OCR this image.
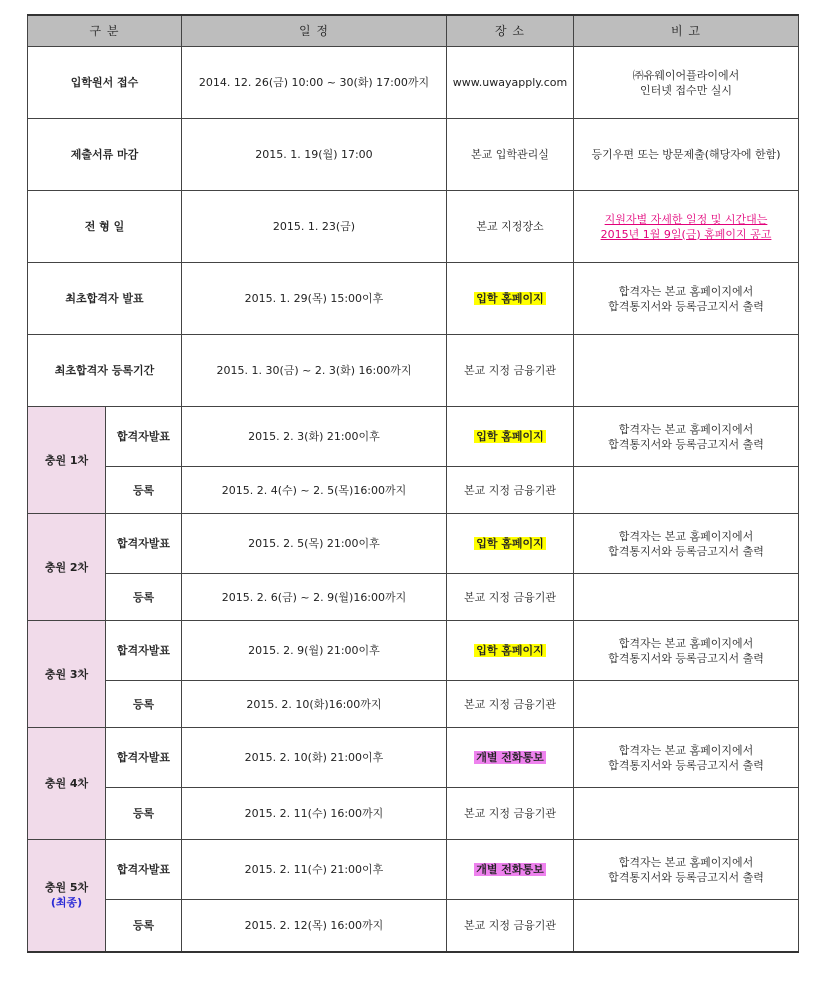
구 분		일 정	장 소	비 고
입학원서 접수		2014. 12. 26(금) 10:00 ~ 30(화) 17:00까지	www.uwayapply.com	㈜유웨이어플라이에서
인터넷 접수만 실시

제출서류 마감		2015. 1. 19(월) 17:00	본교 입학관리실	등기우편 또는 방문제출(해당자에 한함)

전 형 일		2015. 1. 23(금)	본교 지정장소	지원자별 자세한 일정 및 시간대는
2015년 1월 9일(금) 홈페이지 공고

최초합격자 발표		2015. 1. 29(목) 15:00이후	입학 홈페이지	합격자는 본교 홈페이지에서
합격통지서와 등록금고지서 출력

최초합격자 등록기간		2015. 1. 30(금) ~ 2. 3(화) 16:00까지	본교 지정 금융기관	
충원 1차	합격자발표	2015. 2. 3(화) 21:00이후	입학 홈페이지	합격자는 본교 홈페이지에서
합격통지서와 등록금고지서 출력

	등록	2015. 2. 4(수) ~ 2. 5(목)16:00까지	본교 지정 금융기관	
충원 2차	합격자발표	2015. 2. 5(목) 21:00이후	입학 홈페이지	합격자는 본교 홈페이지에서
합격통지서와 등록금고지서 출력

	등록	2015. 2. 6(금) ~ 2. 9(월)16:00까지	본교 지정 금융기관	
충원 3차	합격자발표	2015. 2. 9(월) 21:00이후	입학 홈페이지	합격자는 본교 홈페이지에서
합격통지서와 등록금고지서 출력

	등록	2015. 2. 10(화)16:00까지	본교 지정 금융기관	
충원 4차	합격자발표	2015. 2. 10(화) 21:00이후	개별 전화통보	합격자는 본교 홈페이지에서
합격통지서와 등록금고지서 출력

	등록	2015. 2. 11(수) 16:00까지	본교 지정 금융기관	

충원 5차
(최종)	합격자발표	2015. 2. 11(수) 21:00이후	개별 전화통보	합격자는 본교 홈페이지에서
합격통지서와 등록금고지서 출력

	등록	2015. 2. 12(목) 16:00까지	본교 지정 금융기관	
